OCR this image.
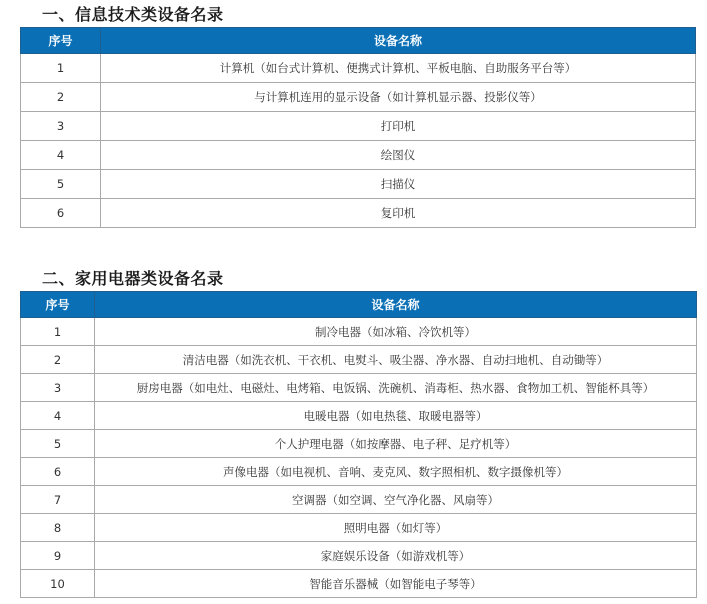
一、信息技术类设备名录
序号	设备名称
1	计算机（如台式计算机、便携式计算机、平板电脑、自助服务平台等）
2	与计算机连用的显示设备（如计算机显示器、投影仪等）
3	打印机
4	绘图仪
5	扫描仪
6	复印机
二、家用电器类设备名录
序号	设备名称
1	制冷电器（如冰箱、冷饮机等）
2	清洁电器（如洗衣机、干衣机、电熨斗、吸尘器、净水器、自动扫地机、自动锄等）
3	厨房电器（如电灶、电磁灶、电烤箱、电饭锅、洗碗机、消毒柜、热水器、食物加工机、智能杯具等）
4	电暖电器（如电热毯、取暖电器等）
5	个人护理电器（如按摩器、电子秤、足疗机等）
6	声像电器（如电视机、音响、麦克风、数字照相机、数字摄像机等）
7	空调器（如空调、空气净化器、风扇等）
8	照明电器（如灯等）
9	家庭娱乐设备（如游戏机等）
10	智能音乐器械（如智能电子琴等）
